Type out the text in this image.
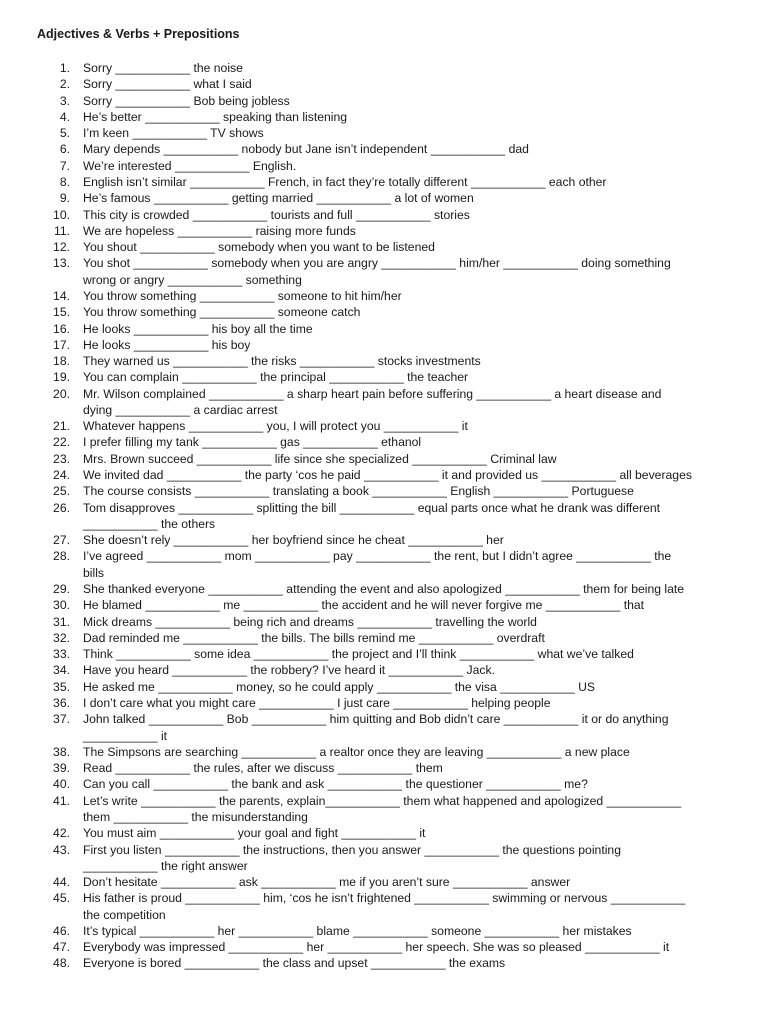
Adjectives & Verbs + Prepositions
1. Sorry ___________ the noise
2. Sorry ___________ what I said
3. Sorry ___________ Bob being jobless
4. He’s better ___________ speaking than listening
5. I’m keen ___________ TV shows
6. Mary depends ___________ nobody but Jane isn’t independent ___________ dad
7. We’re interested ___________ English.
8. English isn’t similar ___________ French, in fact they’re totally different ___________ each other
9. He’s famous ___________ getting married ___________ a lot of women
10. This city is crowded ___________ tourists and full ___________ stories
11. We are hopeless ___________ raising more funds
12. You shout ___________ somebody when you want to be listened
13. You shot ___________ somebody when you are angry ___________ him/her ___________ doing something
wrong or angry ___________ something
14. You throw something ___________ someone to hit him/her
15. You throw something ___________ someone catch
16. He looks ___________ his boy all the time
17. He looks ___________ his boy
18. They warned us ___________ the risks ___________ stocks investments
19. You can complain ___________ the principal ___________ the teacher
20. Mr. Wilson complained ___________ a sharp heart pain before suffering ___________ a heart disease and
dying ___________ a cardiac arrest
21. Whatever happens ___________ you, I will protect you ___________ it
22. I prefer filling my tank ___________ gas ___________ ethanol
23. Mrs. Brown succeed ___________ life since she specialized ___________ Criminal law
24. We invited dad ___________ the party ‘cos he paid ___________ it and provided us ___________ all beverages
25. The course consists ___________ translating a book ___________ English ___________ Portuguese
26. Tom disapproves ___________ splitting the bill ___________ equal parts once what he drank was different
___________ the others
27. She doesn’t rely ___________ her boyfriend since he cheat ___________ her
28. I’ve agreed ___________ mom ___________ pay ___________ the rent, but I didn’t agree ___________ the
bills
29. She thanked everyone ___________ attending the event and also apologized ___________ them for being late
30. He blamed ___________ me ___________ the accident and he will never forgive me ___________ that
31. Mick dreams ___________ being rich and dreams ___________ travelling the world
32. Dad reminded me ___________ the bills. The bills remind me ___________ overdraft
33. Think ___________ some idea ___________ the project and I’ll think ___________ what we’ve talked
34. Have you heard ___________ the robbery? I’ve heard it ___________ Jack.
35. He asked me ___________ money, so he could apply ___________ the visa ___________ US
36. I don’t care what you might care ___________ I just care ___________ helping people
37. John talked ___________ Bob ___________ him quitting and Bob didn’t care ___________ it or do anything
___________ it
38. The Simpsons are searching ___________ a realtor once they are leaving ___________ a new place
39. Read ___________ the rules, after we discuss ___________ them
40. Can you call ___________ the bank and ask ___________ the questioner ___________ me?
41. Let’s write ___________ the parents, explain___________ them what happened and apologized ___________
them ___________ the misunderstanding
42. You must aim ___________ your goal and fight ___________ it
43. First you listen ___________ the instructions, then you answer ___________ the questions pointing
___________ the right answer
44. Don’t hesitate ___________ ask ___________ me if you aren’t sure ___________ answer
45. His father is proud ___________ him, ‘cos he isn’t frightened ___________ swimming or nervous ___________
the competition
46. It’s typical ___________ her ___________ blame ___________ someone ___________ her mistakes
47. Everybody was impressed ___________ her ___________ her speech. She was so pleased ___________ it
48. Everyone is bored ___________ the class and upset ___________ the exams
